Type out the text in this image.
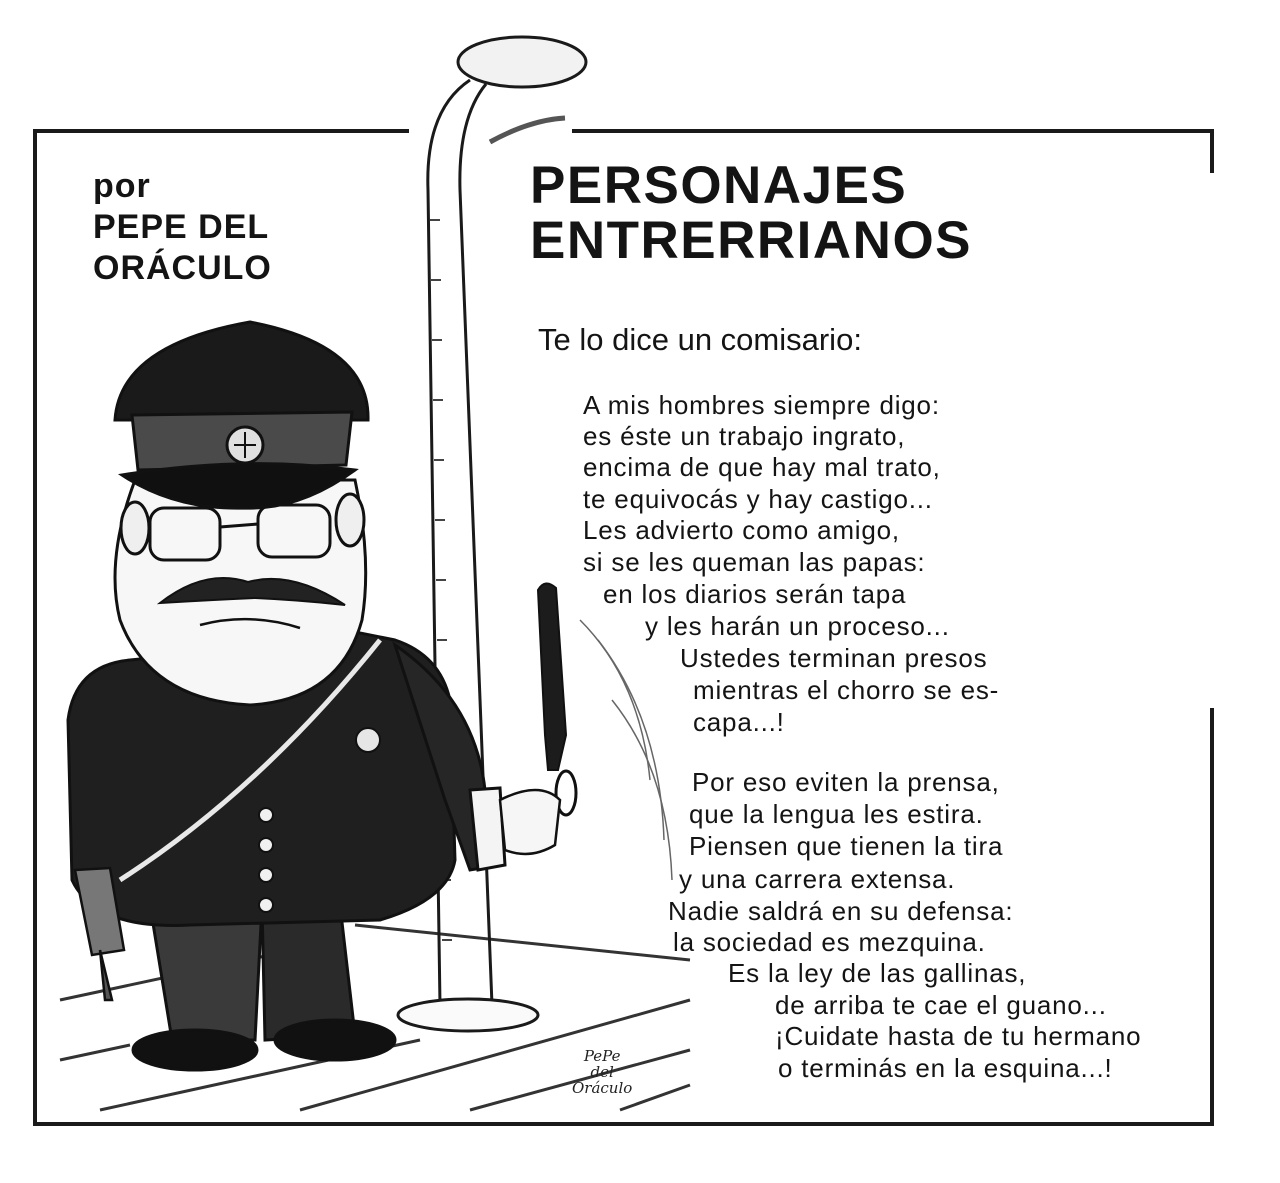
por
PEPE DEL
ORÁCULO
PERSONAJES
ENTRERRIANOS
Te lo dice un comisario:
A mis hombres siempre digo:
es éste un trabajo ingrato,
encima de que hay mal trato,
te equivocás y hay castigo...
Les advierto como amigo,
si se les queman las papas:
en los diarios serán tapa
y les harán un proceso...
Ustedes terminan presos
mientras el chorro se es-
capa...!
Por eso eviten la prensa,
que la lengua les estira.
Piensen que tienen la tira
y una carrera extensa.
Nadie saldrá en su defensa:
la sociedad es mezquina.
Es la ley de las gallinas,
de arriba te cae el guano...
¡Cuidate hasta de tu hermano
o terminás en la esquina...!
PePe
del
Oráculo
